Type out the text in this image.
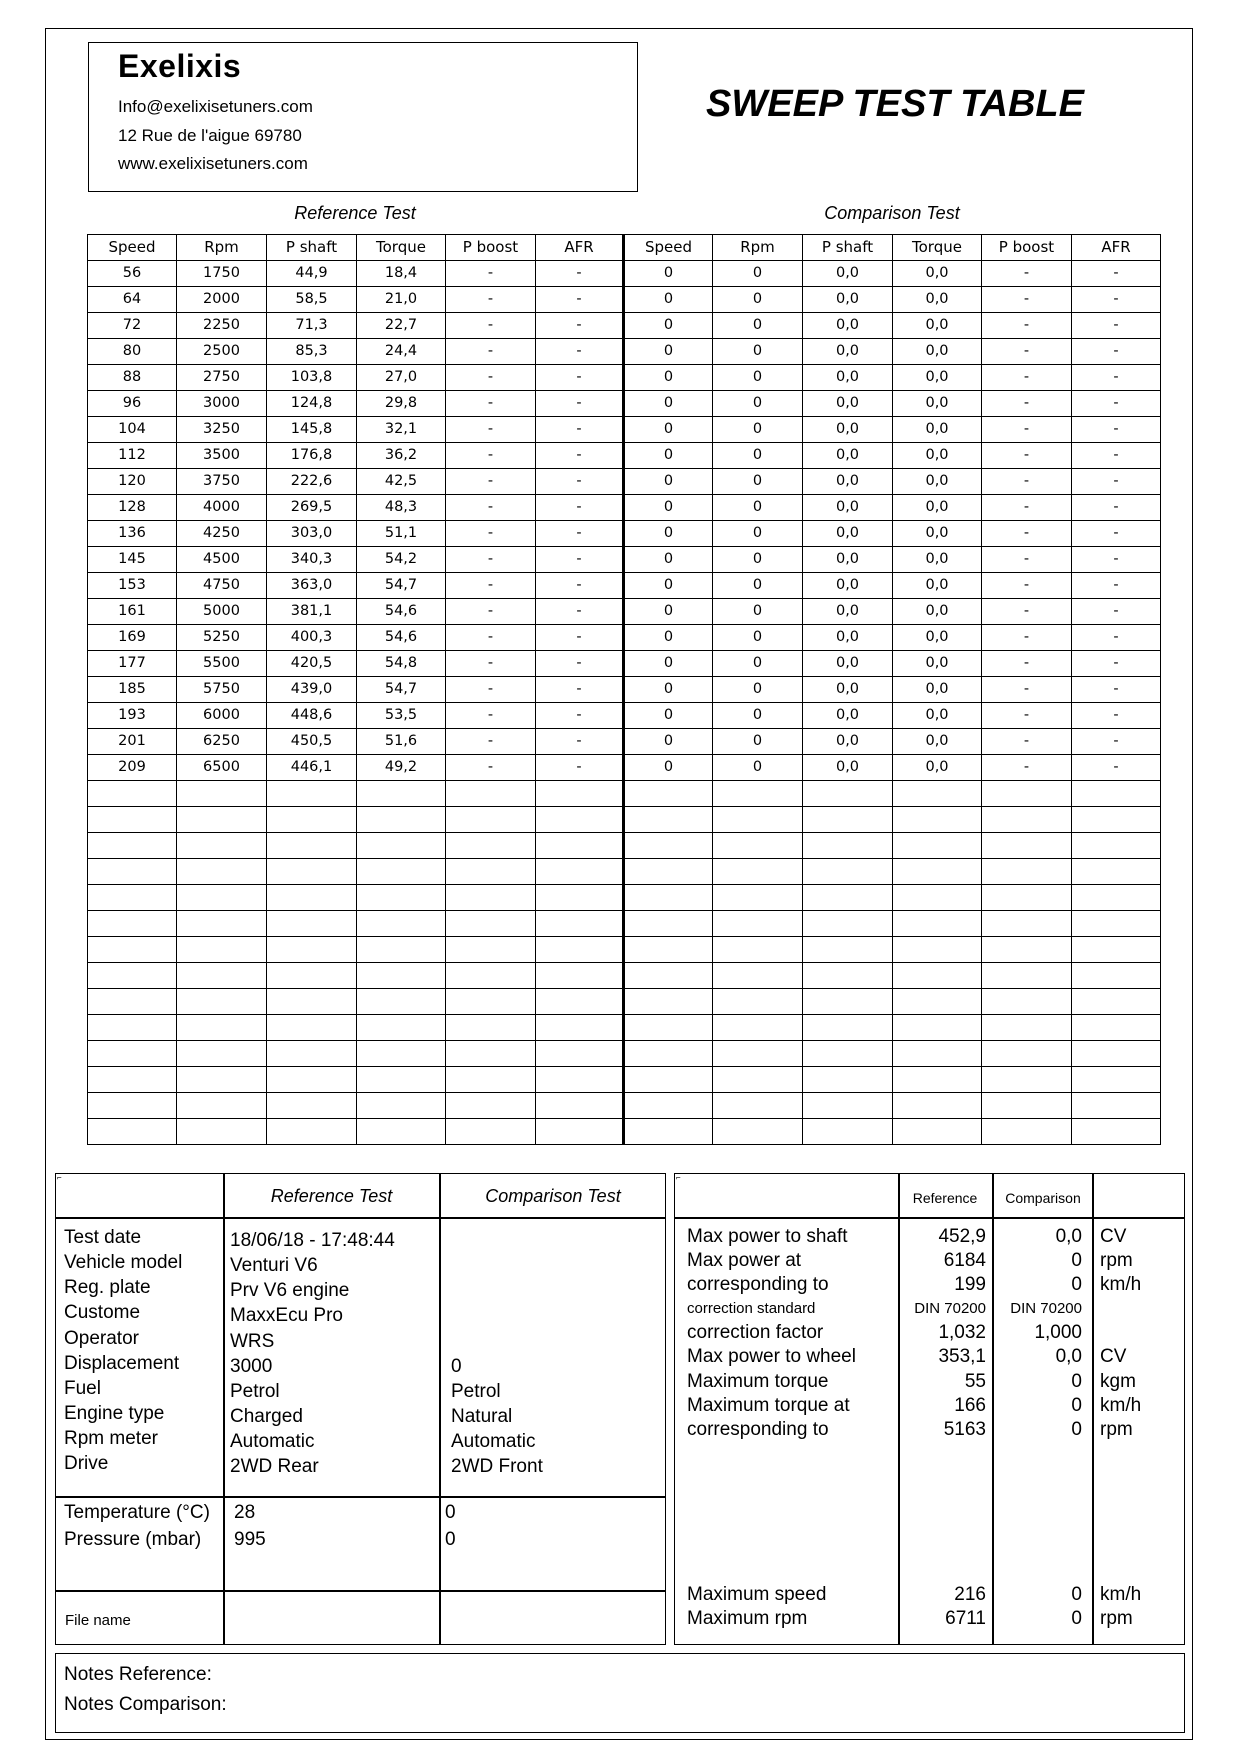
Exelixis
Info@exelixisetuners.com
12 Rue de l'aigue 69780
www.exelixisetuners.com
SWEEP TEST TABLE
Reference Test	Comparison Test
Speed	Rpm	P shaft	Torque	P boost	AFR	Speed	Rpm	P shaft	Torque	P boost	AFR
56	1750	44,9	18,4	-	-	0	0	0,0	0,0	-	-
64	2000	58,5	21,0	-	-	0	0	0,0	0,0	-	-
72	2250	71,3	22,7	-	-	0	0	0,0	0,0	-	-
80	2500	85,3	24,4	-	-	0	0	0,0	0,0	-	-
88	2750	103,8	27,0	-	-	0	0	0,0	0,0	-	-
96	3000	124,8	29,8	-	-	0	0	0,0	0,0	-	-
104	3250	145,8	32,1	-	-	0	0	0,0	0,0	-	-
112	3500	176,8	36,2	-	-	0	0	0,0	0,0	-	-
120	3750	222,6	42,5	-	-	0	0	0,0	0,0	-	-
128	4000	269,5	48,3	-	-	0	0	0,0	0,0	-	-
136	4250	303,0	51,1	-	-	0	0	0,0	0,0	-	-
145	4500	340,3	54,2	-	-	0	0	0,0	0,0	-	-
153	4750	363,0	54,7	-	-	0	0	0,0	0,0	-	-
161	5000	381,1	54,6	-	-	0	0	0,0	0,0	-	-
169	5250	400,3	54,6	-	-	0	0	0,0	0,0	-	-
177	5500	420,5	54,8	-	-	0	0	0,0	0,0	-	-
185	5750	439,0	54,7	-	-	0	0	0,0	0,0	-	-
193	6000	448,6	53,5	-	-	0	0	0,0	0,0	-	-
201	6250	450,5	51,6	-	-	0	0	0,0	0,0	-	-
209	6500	446,1	49,2	-	-	0	0	0,0	0,0	-	-

⌐
Reference Test	Comparison Test
Test date	18/06/18 - 17:48:44
Vehicle model	Venturi V6
Reg. plate	Prv V6 engine
Custome	MaxxEcu Pro
Operator	WRS
Displacement	3000	0
Fuel	Petrol	Petrol
Engine type	Charged	Natural
Rpm meter	Automatic	Automatic
Drive	2WD Rear	2WD Front
Temperature (°C) 28	0
Pressure (mbar) 995	0
File name
⌐
Reference	Comparison
Max power to shaft	452,9	0,0 CV
Max power at	6184	0 rpm
corresponding to	199	0 km/h
correction standard	DIN 70200	DIN 70200
correction factor	1,032	1,000
Max power to wheel	353,1	0,0 CV
Maximum torque	55	0 kgm
Maximum torque at	166	0 km/h
corresponding to	5163	0 rpm
Maximum speed	216	0 km/h
Maximum rpm	6711	0 rpm
Notes Reference:
Notes Comparison:
